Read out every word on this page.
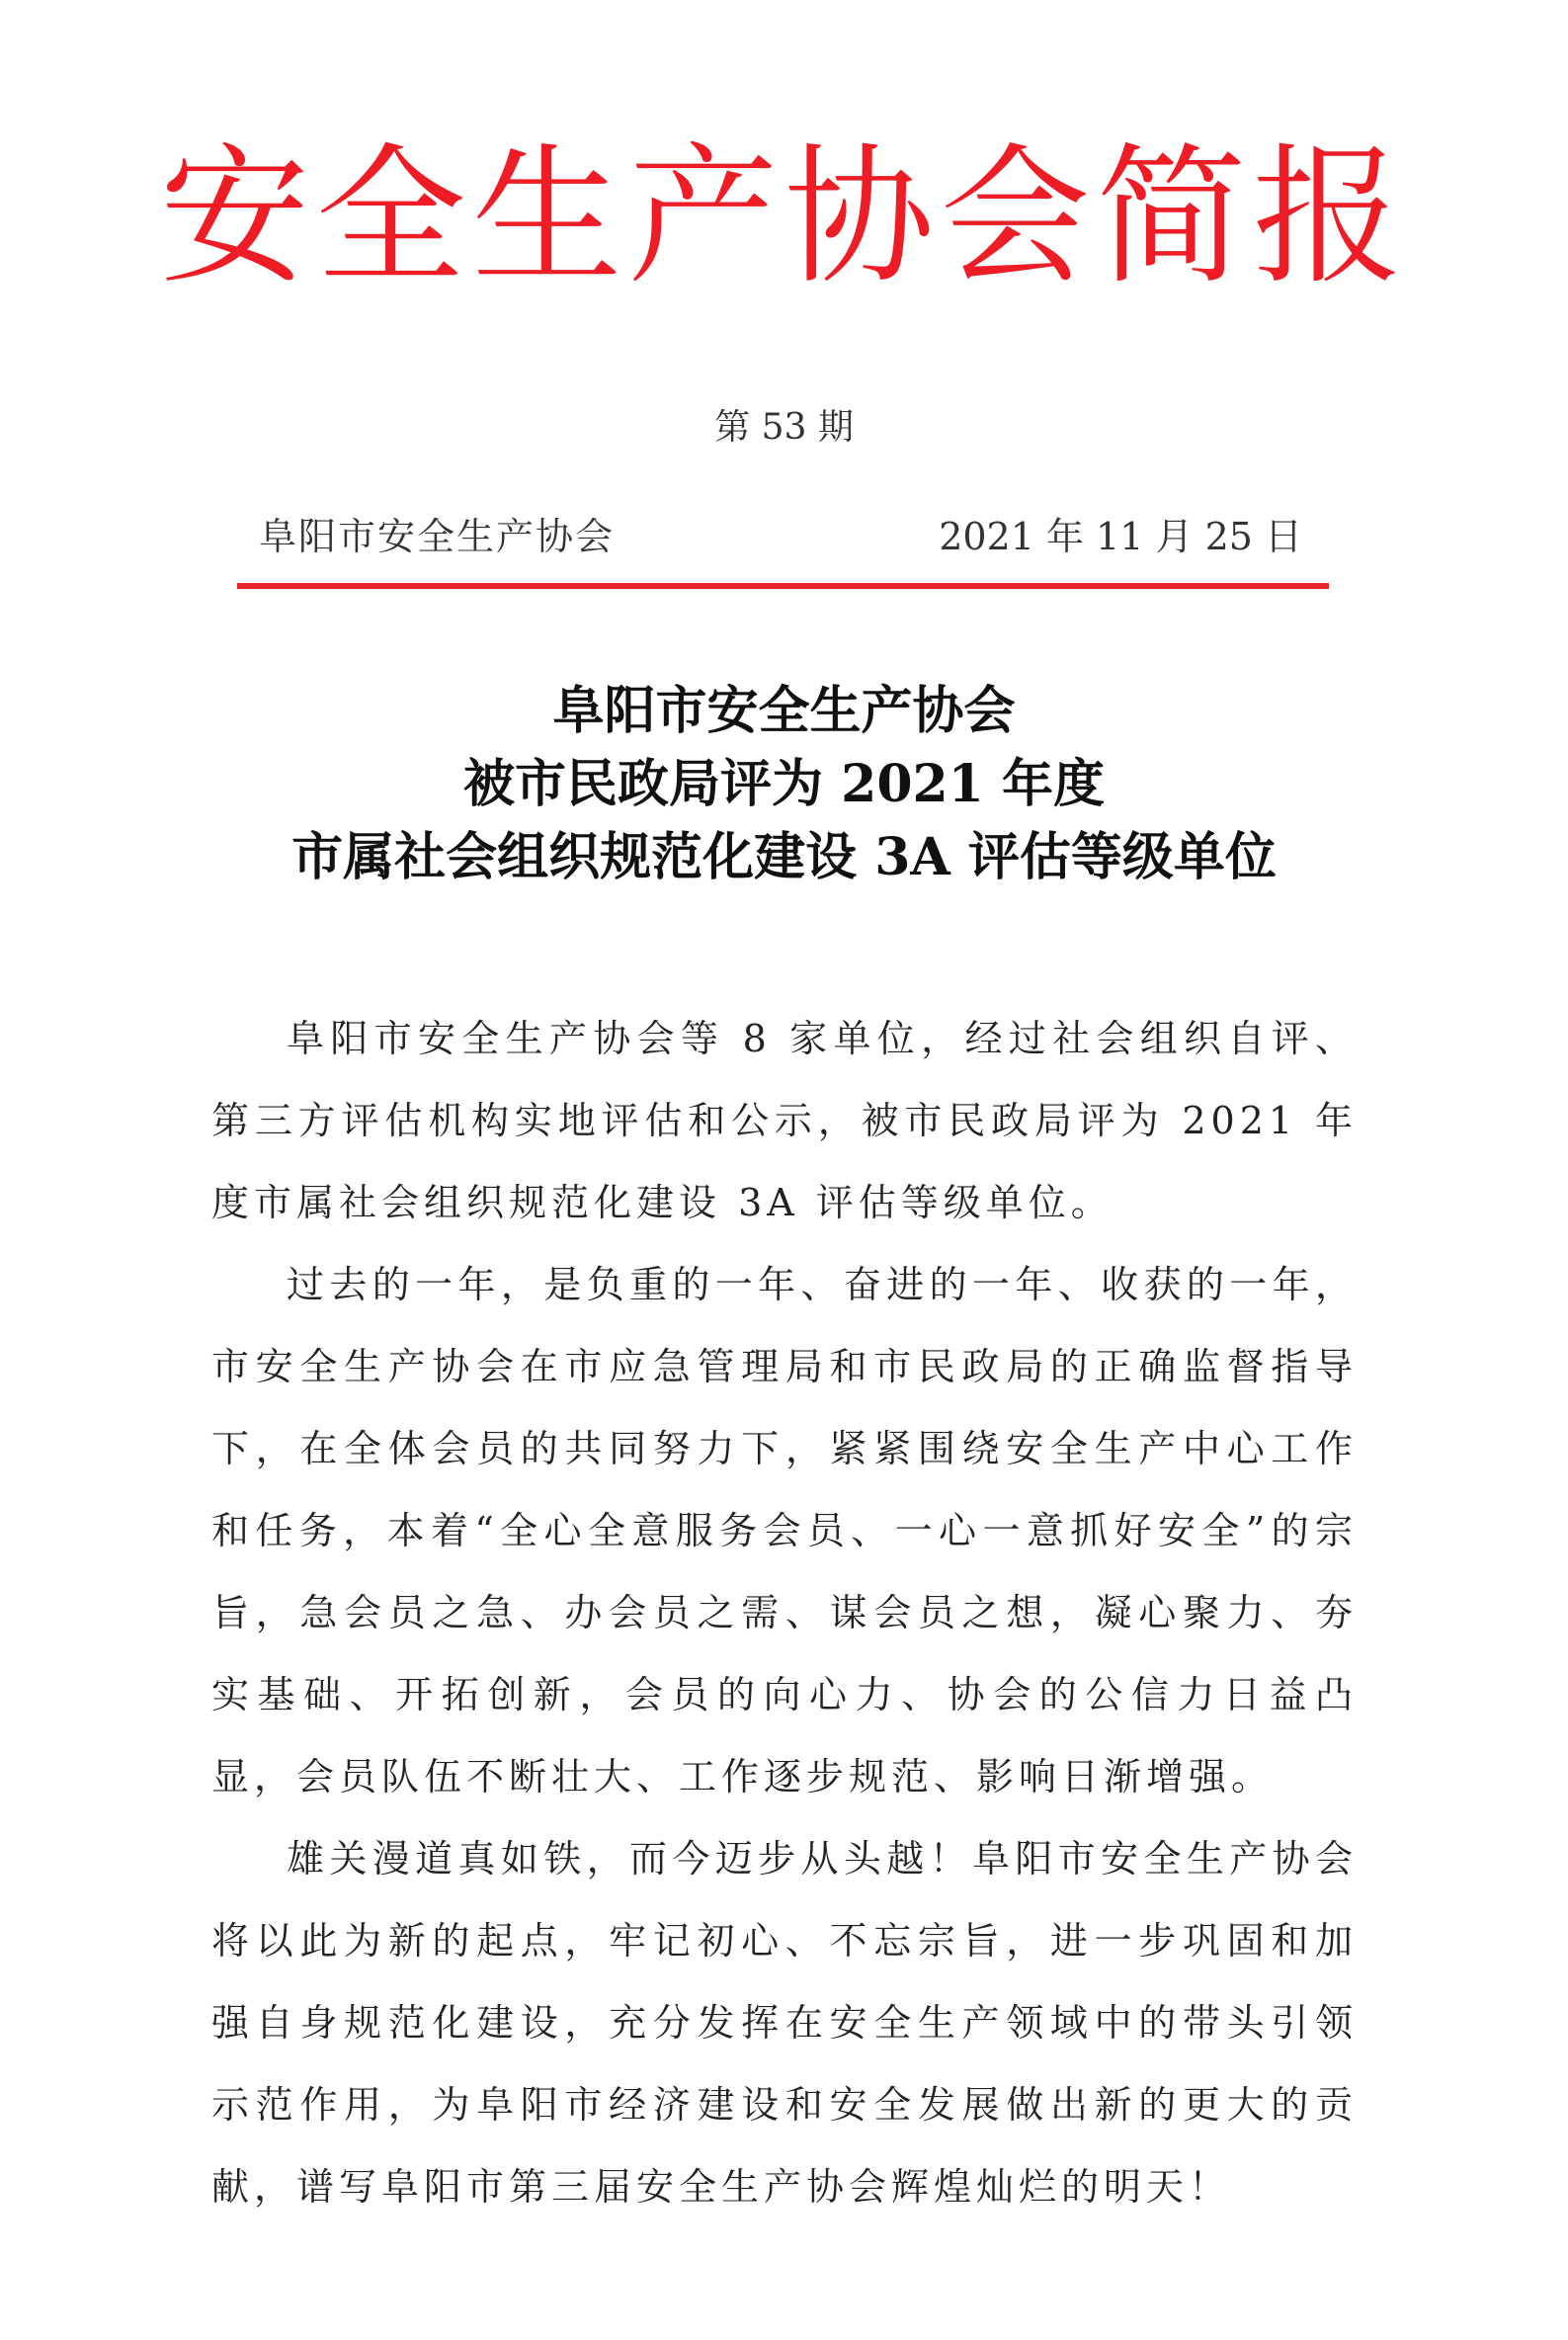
安全生产协会简报
第 53 期
阜阳市安全生产协会	2021 年 11 月 25 日
阜阳市安全生产协会
被市民政局评为 2021 年度
市属社会组织规范化建设 3A 评估等级单位

阜阳市安全生产协会等 8 家单位，经过社会组织自评、第三方评估机构实地评估和公示，被市民政局评为 2021 年度市属社会组织规范化建设 3A 评估等级单位。

过去的一年，是负重的一年、奋进的一年、收获的一年，市安全生产协会在市应急管理局和市民政局的正确监督指导下，在全体会员的共同努力下，紧紧围绕安全生产中心工作和任务，本着“全心全意服务会员、一心一意抓好安全”的宗旨，急会员之急、办会员之需、谋会员之想，凝心聚力、夯实基础、开拓创新，会员的向心力、协会的公信力日益凸显，会员队伍不断壮大、工作逐步规范、影响日渐增强。

雄关漫道真如铁，而今迈步从头越！阜阳市安全生产协会将以此为新的起点，牢记初心、不忘宗旨，进一步巩固和加强自身规范化建设，充分发挥在安全生产领域中的带头引领示范作用，为阜阳市经济建设和安全发展做出新的更大的贡献，谱写阜阳市第三届安全生产协会辉煌灿烂的明天！
